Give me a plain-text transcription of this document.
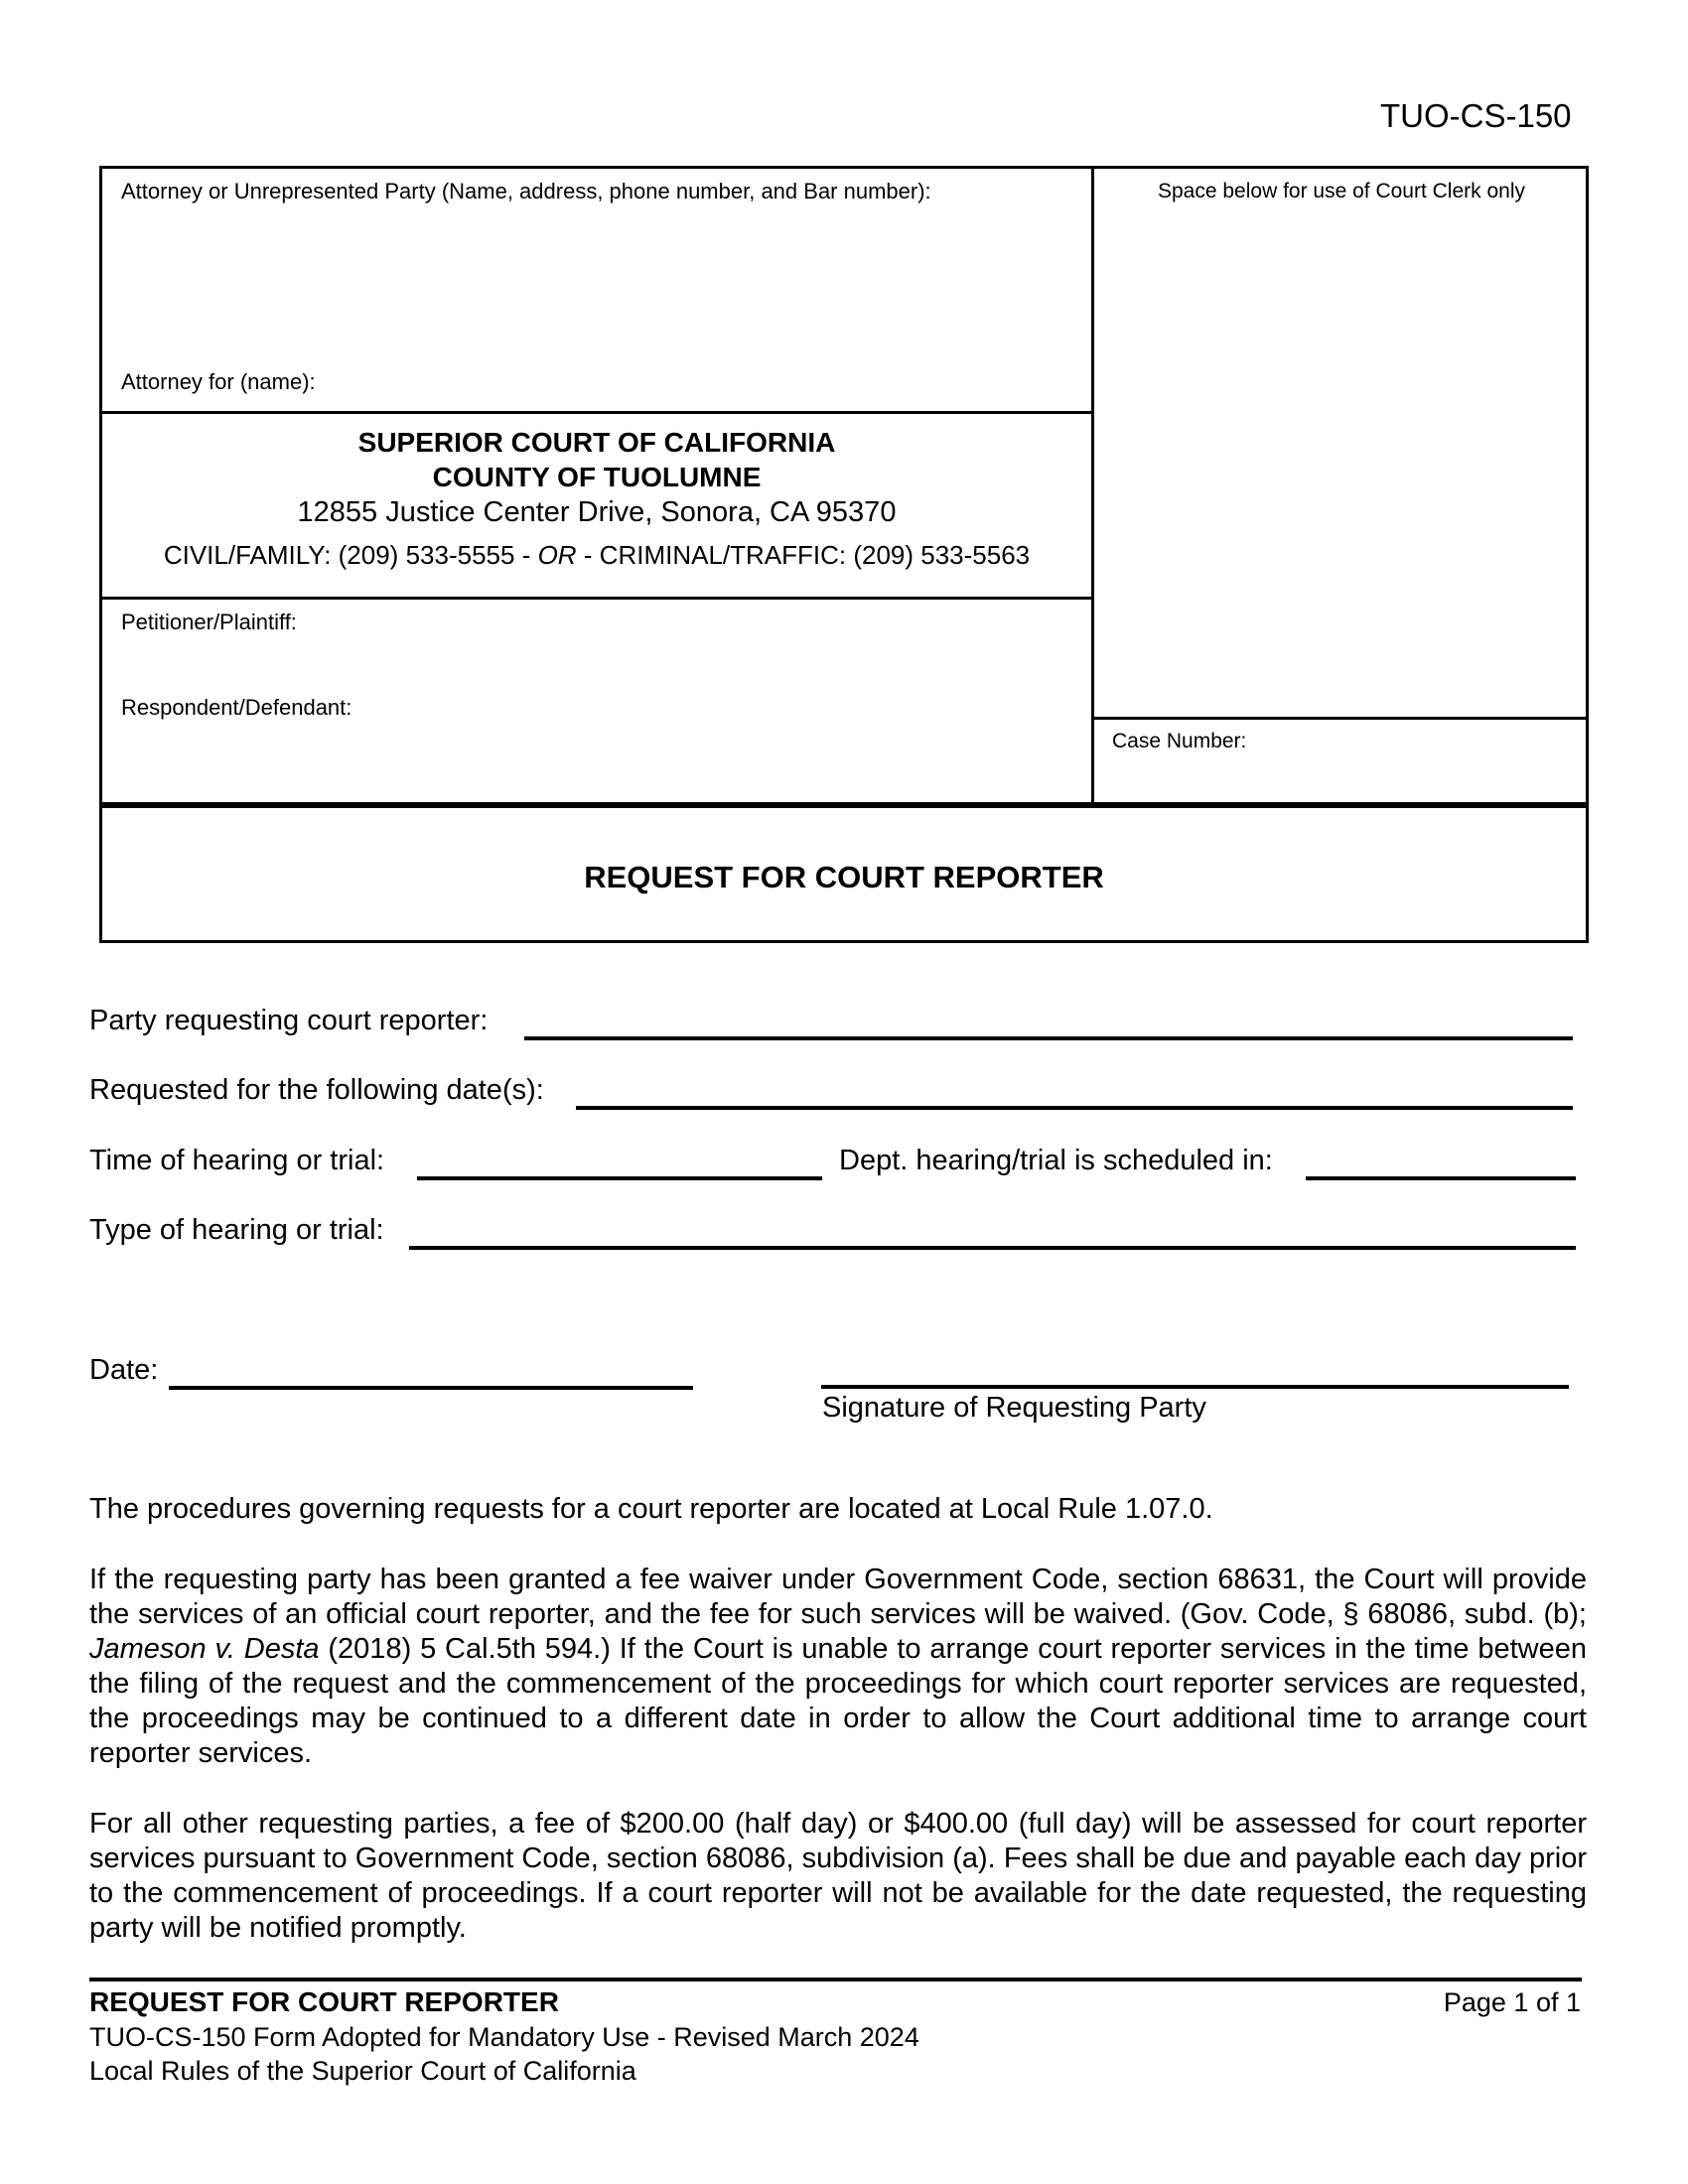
TUO-CS-150
Attorney or Unrepresented Party (Name, address, phone number, and Bar number):
Attorney for (name):
SUPERIOR COURT OF CALIFORNIA
COUNTY OF TUOLUMNE
12855 Justice Center Drive, Sonora, CA 95370
CIVIL/FAMILY: (209) 533-5555 - OR - CRIMINAL/TRAFFIC: (209) 533-5563
Petitioner/Plaintiff:
Respondent/Defendant:
Space below for use of Court Clerk only
Case Number:
REQUEST FOR COURT REPORTER
Party requesting court reporter:
Requested for the following date(s):
Time of hearing or trial:	Dept. hearing/trial is scheduled in:
Type of hearing or trial:
Date:
Signature of Requesting Party
The procedures governing requests for a court reporter are located at Local Rule 1.07.0.
If the requesting party has been granted a fee waiver under Government Code, section 68631, the Court will provide the services of an official court reporter, and the fee for such services will be waived. (Gov. Code, § 68086, subd. (b); Jameson v. Desta (2018) 5 Cal.5th 594.) If the Court is unable to arrange court reporter services in the time between the filing of the request and the commencement of the proceedings for which court reporter services are requested, the proceedings may be continued to a different date in order to allow the Court additional time to arrange court reporter services.
For all other requesting parties, a fee of $200.00 (half day) or $400.00 (full day) will be assessed for court reporter services pursuant to Government Code, section 68086, subdivision (a). Fees shall be due and payable each day prior to the commencement of proceedings. If a court reporter will not be available for the date requested, the requesting party will be notified promptly.
REQUEST FOR COURT REPORTER	Page 1 of 1
TUO-CS-150 Form Adopted for Mandatory Use - Revised March 2024
Local Rules of the Superior Court of California
